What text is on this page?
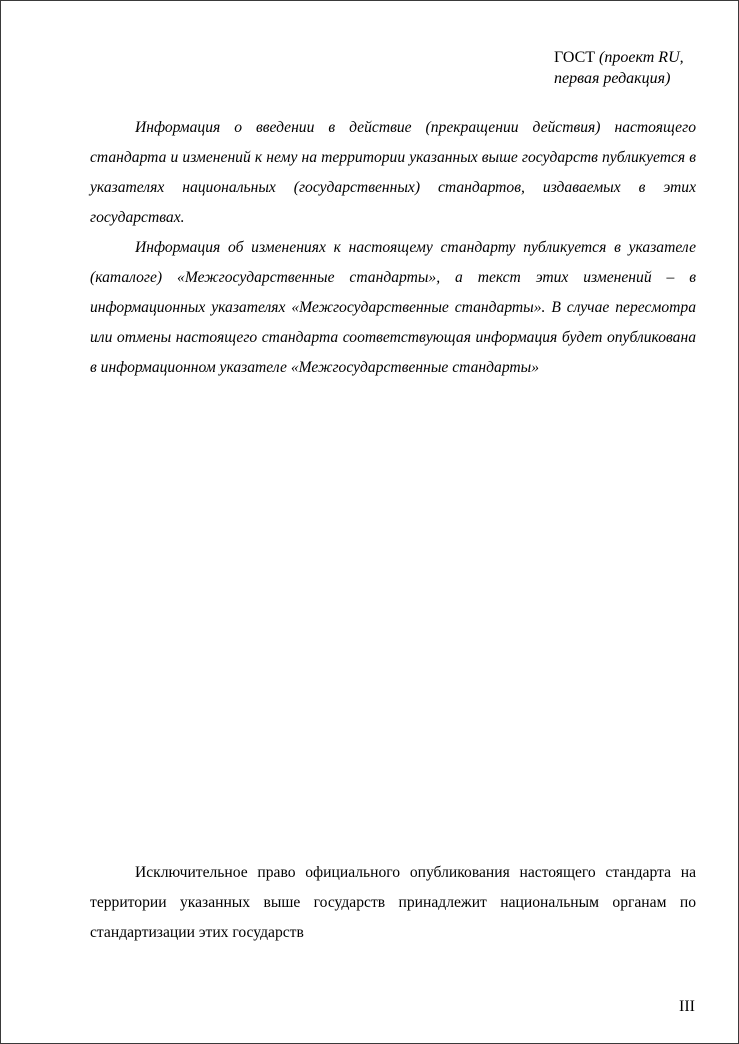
ГОСТ (проект RU,
первая редакция)

Информация о введении в действие (прекращении действия) настоящего стандарта и изменений к нему на территории указанных выше государств публикуется в указателях национальных (государственных) стандартов, издаваемых в этих государствах.

Информация об изменениях к настоящему стандарту публикуется в указателе (каталоге) «Межгосударственные стандарты», а текст этих изменений – в информационных указателях «Межгосударственные стандарты». В случае пересмотра или отмены настоящего стандарта соответствующая информация будет опубликована в информационном указателе «Межгосударственные стандарты»

Исключительное право официального опубликования настоящего стандарта на территории указанных выше государств принадлежит национальным органам по стандартизации этих государств

III
